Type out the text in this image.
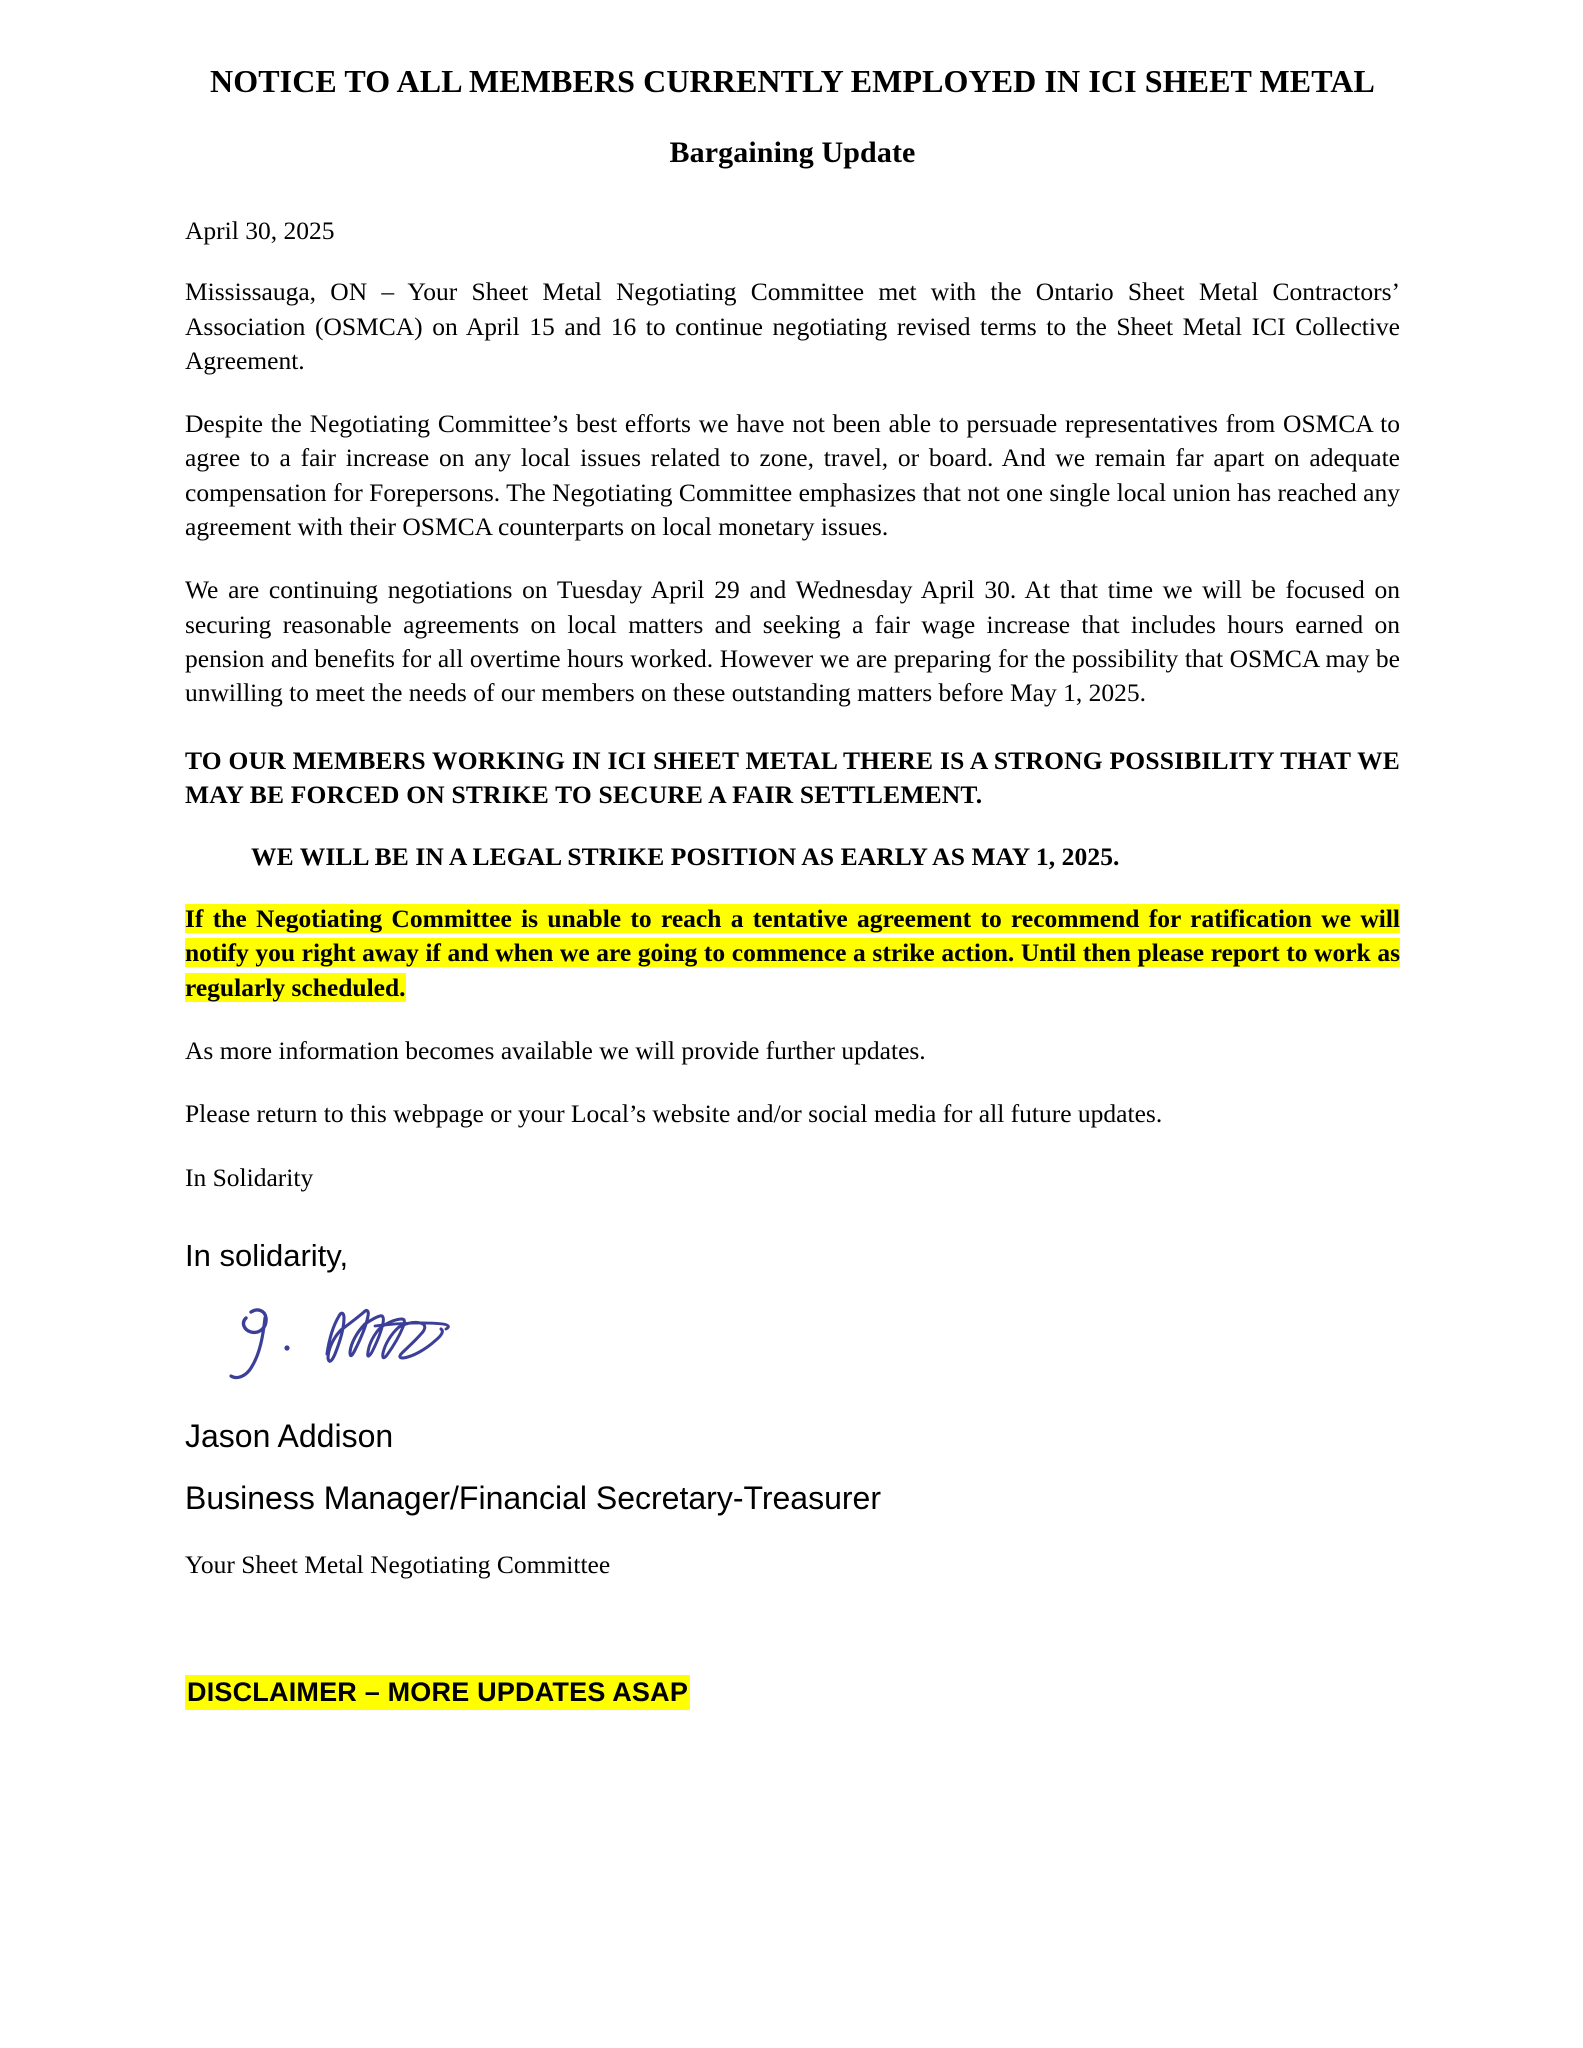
NOTICE TO ALL MEMBERS CURRENTLY EMPLOYED IN ICI SHEET METAL
Bargaining Update

April 30, 2025

Mississauga, ON – Your Sheet Metal Negotiating Committee met with the Ontario Sheet Metal Contractors’ Association (OSMCA) on April 15 and 16 to continue negotiating revised terms to the Sheet Metal ICI Collective Agreement.

Despite the Negotiating Committee’s best efforts we have not been able to persuade representatives from OSMCA to agree to a fair increase on any local issues related to zone, travel, or board. And we remain far apart on adequate compensation for Forepersons. The Negotiating Committee emphasizes that not one single local union has reached any agreement with their OSMCA counterparts on local monetary issues.

We are continuing negotiations on Tuesday April 29 and Wednesday April 30. At that time we will be focused on securing reasonable agreements on local matters and seeking a fair wage increase that includes hours earned on pension and benefits for all overtime hours worked. However we are preparing for the possibility that OSMCA may be unwilling to meet the needs of our members on these outstanding matters before May 1, 2025.

TO OUR MEMBERS WORKING IN ICI SHEET METAL THERE IS A STRONG POSSIBILITY THAT WE MAY BE FORCED ON STRIKE TO SECURE A FAIR SETTLEMENT.

WE WILL BE IN A LEGAL STRIKE POSITION AS EARLY AS MAY 1, 2025.

If the Negotiating Committee is unable to reach a tentative agreement to recommend for ratification we will notify you right away if and when we are going to commence a strike action. Until then please report to work as regularly scheduled.

As more information becomes available we will provide further updates.

Please return to this webpage or your Local’s website and/or social media for all future updates.

In Solidarity

In solidarity,

Jason Addison

Business Manager/Financial Secretary-Treasurer

Your Sheet Metal Negotiating Committee

DISCLAIMER – MORE UPDATES ASAP
